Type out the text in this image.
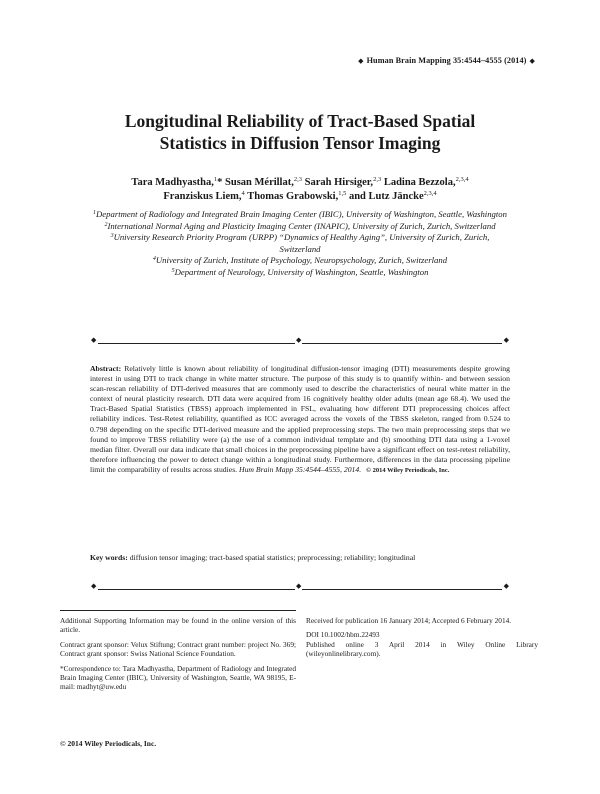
◆ Human Brain Mapping 35:4544–4555 (2014) ◆
Longitudinal Reliability of Tract-Based Spatial
Statistics in Diffusion Tensor Imaging
Tara Madhyastha,$^1$* Susan Mérillat,$^{2,3}$ Sarah Hirsiger,$^{2,3}$ Ladina Bezzola,$^{2,3,4}$
Franziskus Liem,$^4$ Thomas Grabowski,$^{1,5}$ and Lutz Jäncke$^{2,3,4}$
$^1$Department of Radiology and Integrated Brain Imaging Center (IBIC), University of Washington, Seattle, Washington
$^2$International Normal Aging and Plasticity Imaging Center (INAPIC), University of Zurich, Zurich, Switzerland
$^3$University Research Priority Program (URPP) “Dynamics of Healthy Aging”, University of Zurich, Zurich, Switzerland
$^4$University of Zurich, Institute of Psychology, Neuropsychology, Zurich, Switzerland
$^5$Department of Neurology, University of Washington, Seattle, Washington
◆	◆	◆
Abstract: Relatively little is known about reliability of longitudinal diffusion-tensor imaging (DTI) measurements despite growing interest in using DTI to track change in white matter structure. The purpose of this study is to quantify within- and between session scan-rescan reliability of DTI-derived measures that are commonly used to describe the characteristics of neural white matter in the context of neural plasticity research. DTI data were acquired from 16 cognitively healthy older adults (mean age 68.4). We used the Tract-Based Spatial Statistics (TBSS) approach implemented in FSL, evaluating how different DTI preprocessing choices affect reliability indices. Test-Retest reliability, quantified as ICC averaged across the voxels of the TBSS skeleton, ranged from 0.524 to 0.798 depending on the specific DTI-derived measure and the applied preprocessing steps. The two main preprocessing steps that we found to improve TBSS reliability were (a) the use of a common individual template and (b) smoothing DTI data using a 1-voxel median filter. Overall our data indicate that small choices in the preprocessing pipeline have a significant effect on test-retest reliability, therefore influencing the power to detect change within a longitudinal study. Furthermore, differences in the data processing pipeline limit the comparability of results across studies. Hum Brain Mapp 35:4544–4555, 2014. © 2014 Wiley Periodicals, Inc.
Key words: diffusion tensor imaging; tract-based spatial statistics; preprocessing; reliability; longitudinal
◆	◆	◆

Additional Supporting Information may be found in the online version of this article.

Contract grant sponsor: Velux Stiftung; Contract grant number: project No. 369; Contract grant sponsor: Swiss National Science Foundation.

*Correspondence to: Tara Madhyastha, Department of Radiology and Integrated Brain Imaging Center (IBIC), University of Washington, Seattle, WA 98195, E-mail: madhyt@uw.edu

Received for publication 16 January 2014; Accepted 6 February 2014.

DOI 10.1002/hbm.22493

Published online 3 April 2014 in Wiley Online Library (wileyonlinelibrary.com).

© 2014 Wiley Periodicals, Inc.
